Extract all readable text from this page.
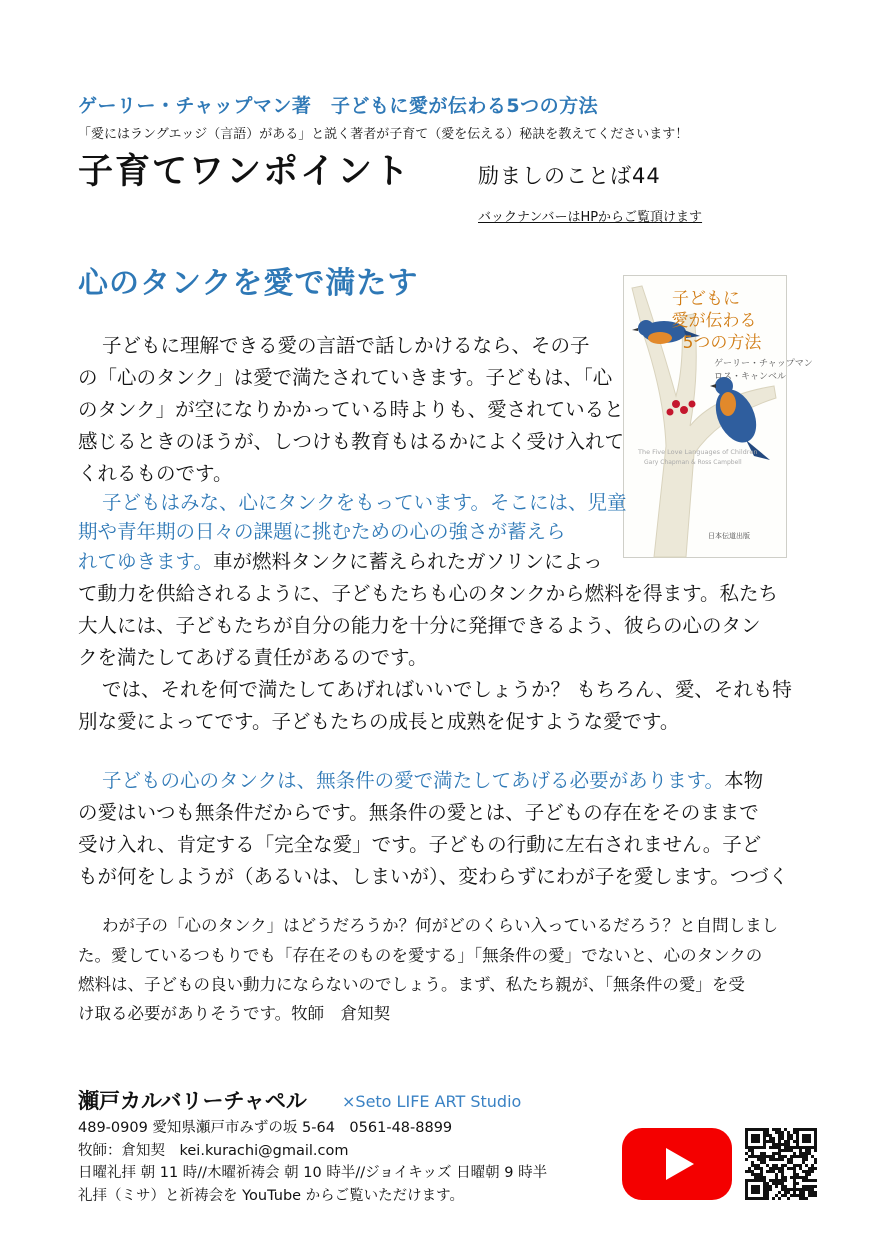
ゲーリー・チャップマン著　子どもに愛が伝わる5つの方法
「愛にはラングエッジ（言語）がある」と説く著者が子育て（愛を伝える）秘訣を教えてくださいます！
子育てワンポイント	励ましのことば44
バックナンバーはHPからご覧頂けます
心のタンクを愛で満たす	子どもに
愛が伝わる
5つの方法
ゲーリー・チャップマン
ロス・キャンベル
The Five Love Languages of Children
Gary Chapman & Ross Campbell
日本伝道出版
子どもに理解できる愛の言語で話しかけるなら、その子
の「心のタンク」は愛で満たされていきます。子どもは、「心
のタンク」が空になりかかっている時よりも、愛されていると
感じるときのほうが、しつけも教育もはるかによく受け入れて
くれるものです。
子どもはみな、心にタンクをもっています。そこには、児童
期や青年期の日々の課題に挑むための心の強さが蓄えら
れてゆきます。車が燃料タンクに蓄えられたガソリンによっ
て動力を供給されるように、子どもたちも心のタンクから燃料を得ます。私たち
大人には、子どもたちが自分の能力を十分に発揮できるよう、彼らの心のタン
クを満たしてあげる責任があるのです。
では、それを何で満たしてあげればいいでしょうか？ もちろん、愛、それも特
別な愛によってです。子どもたちの成長と成熟を促すような愛です。
子どもの心のタンクは、無条件の愛で満たしてあげる必要があります。本物
の愛はいつも無条件だからです。無条件の愛とは、子どもの存在をそのままで
受け入れ、肯定する「完全な愛」です。子どもの行動に左右されません。子ど
もが何をしようが（あるいは、しまいが）、変わらずにわが子を愛します。つづく
わが子の「心のタンク」はどうだろうか？何がどのくらい入っているだろう？と自問しまし
た。愛しているつもりでも「存在そのものを愛する」「無条件の愛」でないと、心のタンクの
燃料は、子どもの良い動力にならないのでしょう。まず、私たち親が、「無条件の愛」を受
け取る必要がありそうです。牧師　倉知契
瀬戸カルバリーチャペル ×Seto LIFE ART Studio
489-0909 愛知県瀬戸市みずの坂 5-64　0561-48-8899
牧師：倉知契　kei.kurachi@gmail.com
日曜礼拝 朝 11 時//木曜祈祷会 朝 10 時半//ジョイキッズ 日曜朝 9 時半
礼拝（ミサ）と祈祷会を YouTube からご覧いただけます。
